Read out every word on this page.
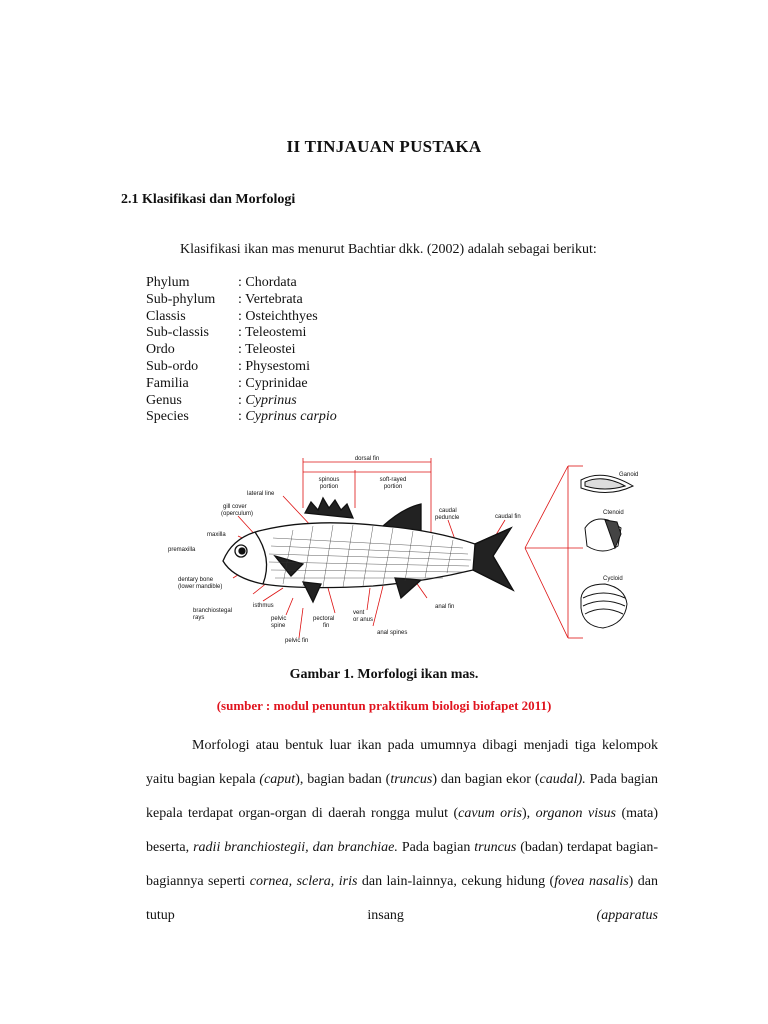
II TINJAUAN PUSTAKA
2.1 Klasifikasi dan Morfologi
Klasifikasi ikan mas menurut Bachtiar dkk. (2002) adalah sebagai berikut:
Phylum	: Chordata
Sub-phylum	: Vertebrata
Classis	: Osteichthyes
Sub-classis	: Teleostemi
Ordo	: Teleostei
Sub-ordo	: Physestomi
Familia	: Cyprinidae
Genus	: Cyprinus
Species	: Cyprinus carpio
dorsal fin
spinous
portion
soft-rayed
portion
lateral line
gill cover
(operculum)
maxilla
premaxilla
dentary bone
(lower mandible)
branchiostegal
rays
isthmus
pelvic
spine
pelvic fin
pectoral
fin
vent
or anus
anal spines
anal fin
caudal
peduncle	caudal fin
Ganoid
Ctenoid
Cycloid
Gambar 1. Morfologi ikan mas.
(sumber : modul penuntun praktikum biologi biofapet 2011)
Morfologi atau bentuk luar ikan pada umumnya dibagi menjadi tiga kelompok yaitu bagian kepala (caput), bagian badan (truncus) dan bagian ekor (caudal). Pada bagian kepala terdapat organ-organ di daerah rongga mulut (cavum oris), organon visus (mata) beserta, radii branchiostegii, dan branchiae. Pada bagian truncus (badan) terdapat bagian-bagiannya seperti cornea, sclera, iris dan lain-lainnya, cekung hidung (fovea nasalis) dan tutup insang (apparatus
